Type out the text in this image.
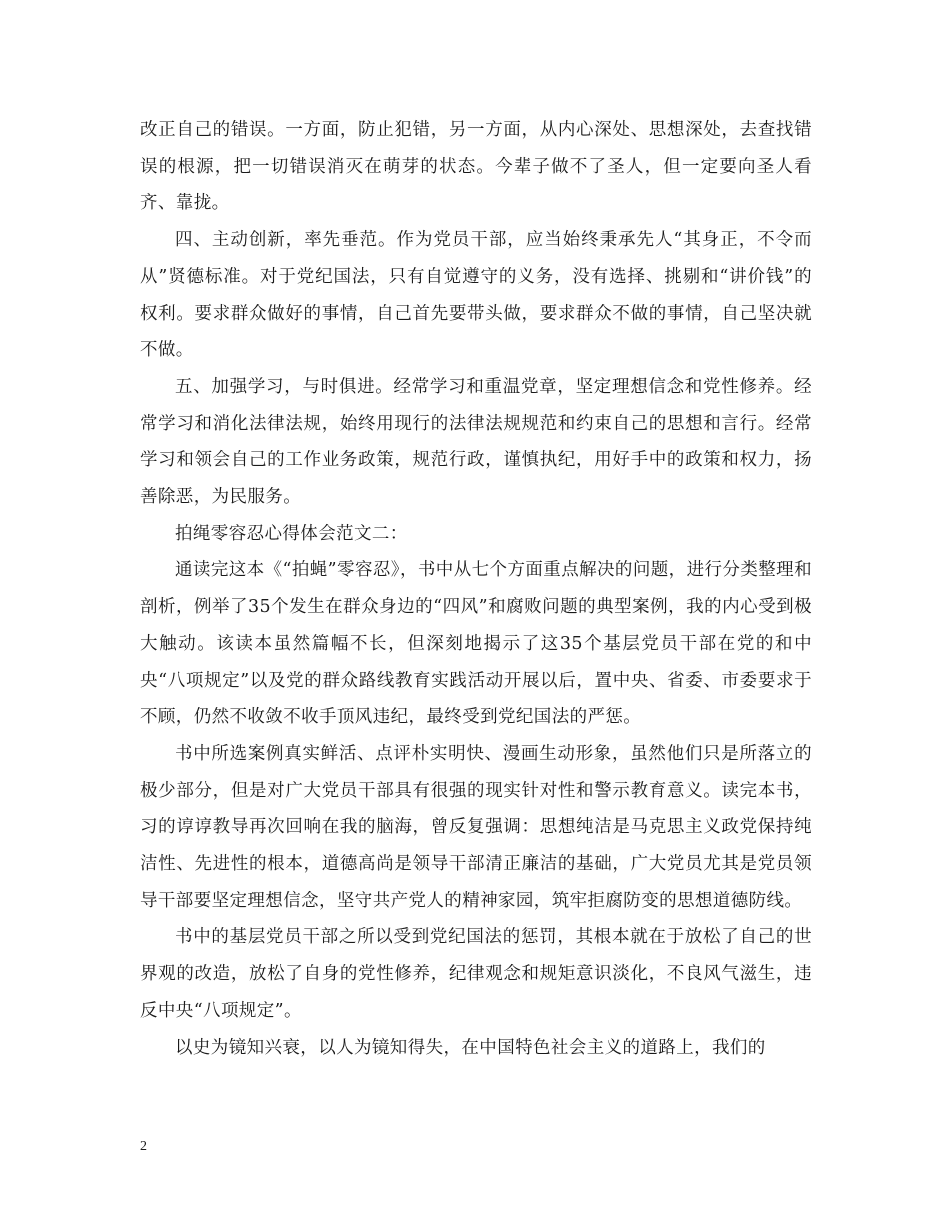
改正自己的错误。一方面，防止犯错，另一方面，从内心深处、思想深处，去查找错误的根源，把一切错误消灭在萌芽的状态。今辈子做不了圣人，但一定要向圣人看齐、靠拢。

四、主动创新，率先垂范。作为党员干部，应当始终秉承先人“其身正，不令而从”贤德标准。对于党纪国法，只有自觉遵守的义务，没有选择、挑剔和“讲价钱”的权利。要求群众做好的事情，自己首先要带头做，要求群众不做的事情，自己坚决就不做。

五、加强学习，与时俱进。经常学习和重温党章，坚定理想信念和党性修养。经常学习和消化法律法规，始终用现行的法律法规规范和约束自己的思想和言行。经常学习和领会自己的工作业务政策，规范行政，谨慎执纪，用好手中的政策和权力，扬善除恶，为民服务。

拍绳零容忍心得体会范文二：

通读完这本《“拍蝇”零容忍》，书中从七个方面重点解决的问题，进行分类整理和剖析，例举了35个发生在群众身边的“四风”和腐败问题的典型案例，我的内心受到极大触动。该读本虽然篇幅不长，但深刻地揭示了这35个基层党员干部在党的和中央“八项规定”以及党的群众路线教育实践活动开展以后，置中央、省委、市委要求于不顾，仍然不收敛不收手顶风违纪，最终受到党纪国法的严惩。

书中所选案例真实鲜活、点评朴实明快、漫画生动形象，虽然他们只是所落立的极少部分，但是对广大党员干部具有很强的现实针对性和警示教育意义。读完本书，习的谆谆教导再次回响在我的脑海，曾反复强调：思想纯洁是马克思主义政党保持纯洁性、先进性的根本，道德高尚是领导干部清正廉洁的基础，广大党员尤其是党员领导干部要坚定理想信念，坚守共产党人的精神家园，筑牢拒腐防变的思想道德防线。

书中的基层党员干部之所以受到党纪国法的惩罚，其根本就在于放松了自己的世界观的改造，放松了自身的党性修养，纪律观念和规矩意识淡化，不良风气滋生，违反中央“八项规定”。

以史为镜知兴衰，以人为镜知得失，在中国特色社会主义的道路上，我们的

2
